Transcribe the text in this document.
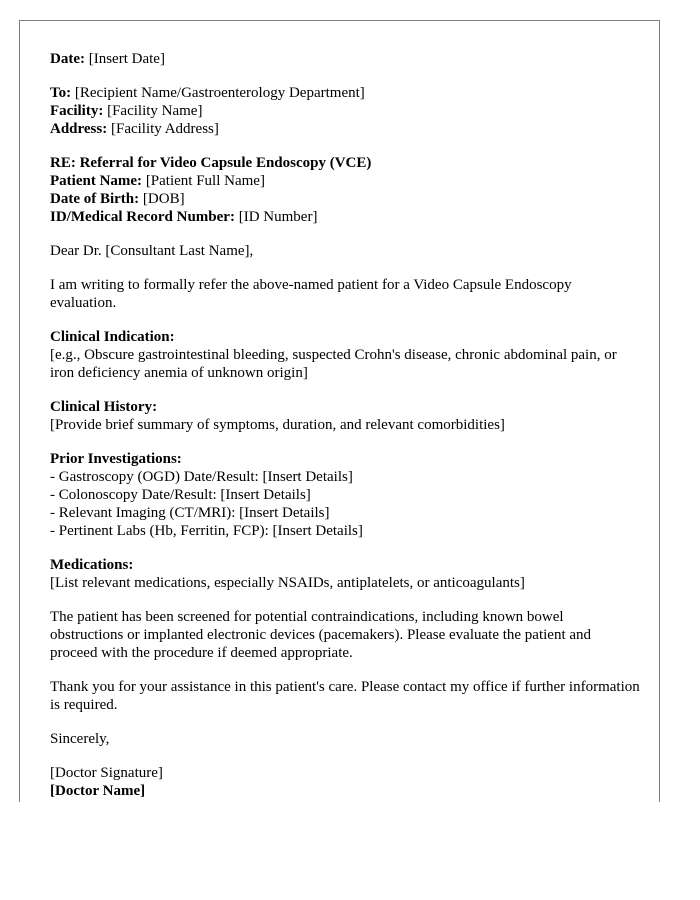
Date: [Insert Date]
To: [Recipient Name/Gastroenterology Department]
Facility: [Facility Name]
Address: [Facility Address]
RE: Referral for Video Capsule Endoscopy (VCE)
Patient Name: [Patient Full Name]
Date of Birth: [DOB]
ID/Medical Record Number: [ID Number]
Dear Dr. [Consultant Last Name],
I am writing to formally refer the above-named patient for a Video Capsule Endoscopy evaluation.
Clinical Indication:
[e.g., Obscure gastrointestinal bleeding, suspected Crohn's disease, chronic abdominal pain, or iron deficiency anemia of unknown origin]
Clinical History:
[Provide brief summary of symptoms, duration, and relevant comorbidities]
Prior Investigations:
- Gastroscopy (OGD) Date/Result: [Insert Details]
- Colonoscopy Date/Result: [Insert Details]
- Relevant Imaging (CT/MRI): [Insert Details]
- Pertinent Labs (Hb, Ferritin, FCP): [Insert Details]
Medications:
[List relevant medications, especially NSAIDs, antiplatelets, or anticoagulants]
The patient has been screened for potential contraindications, including known bowel obstructions or implanted electronic devices (pacemakers). Please evaluate the patient and proceed with the procedure if deemed appropriate.
Thank you for your assistance in this patient's care. Please contact my office if further information is required.
Sincerely,
[Doctor Signature]
[Doctor Name]
